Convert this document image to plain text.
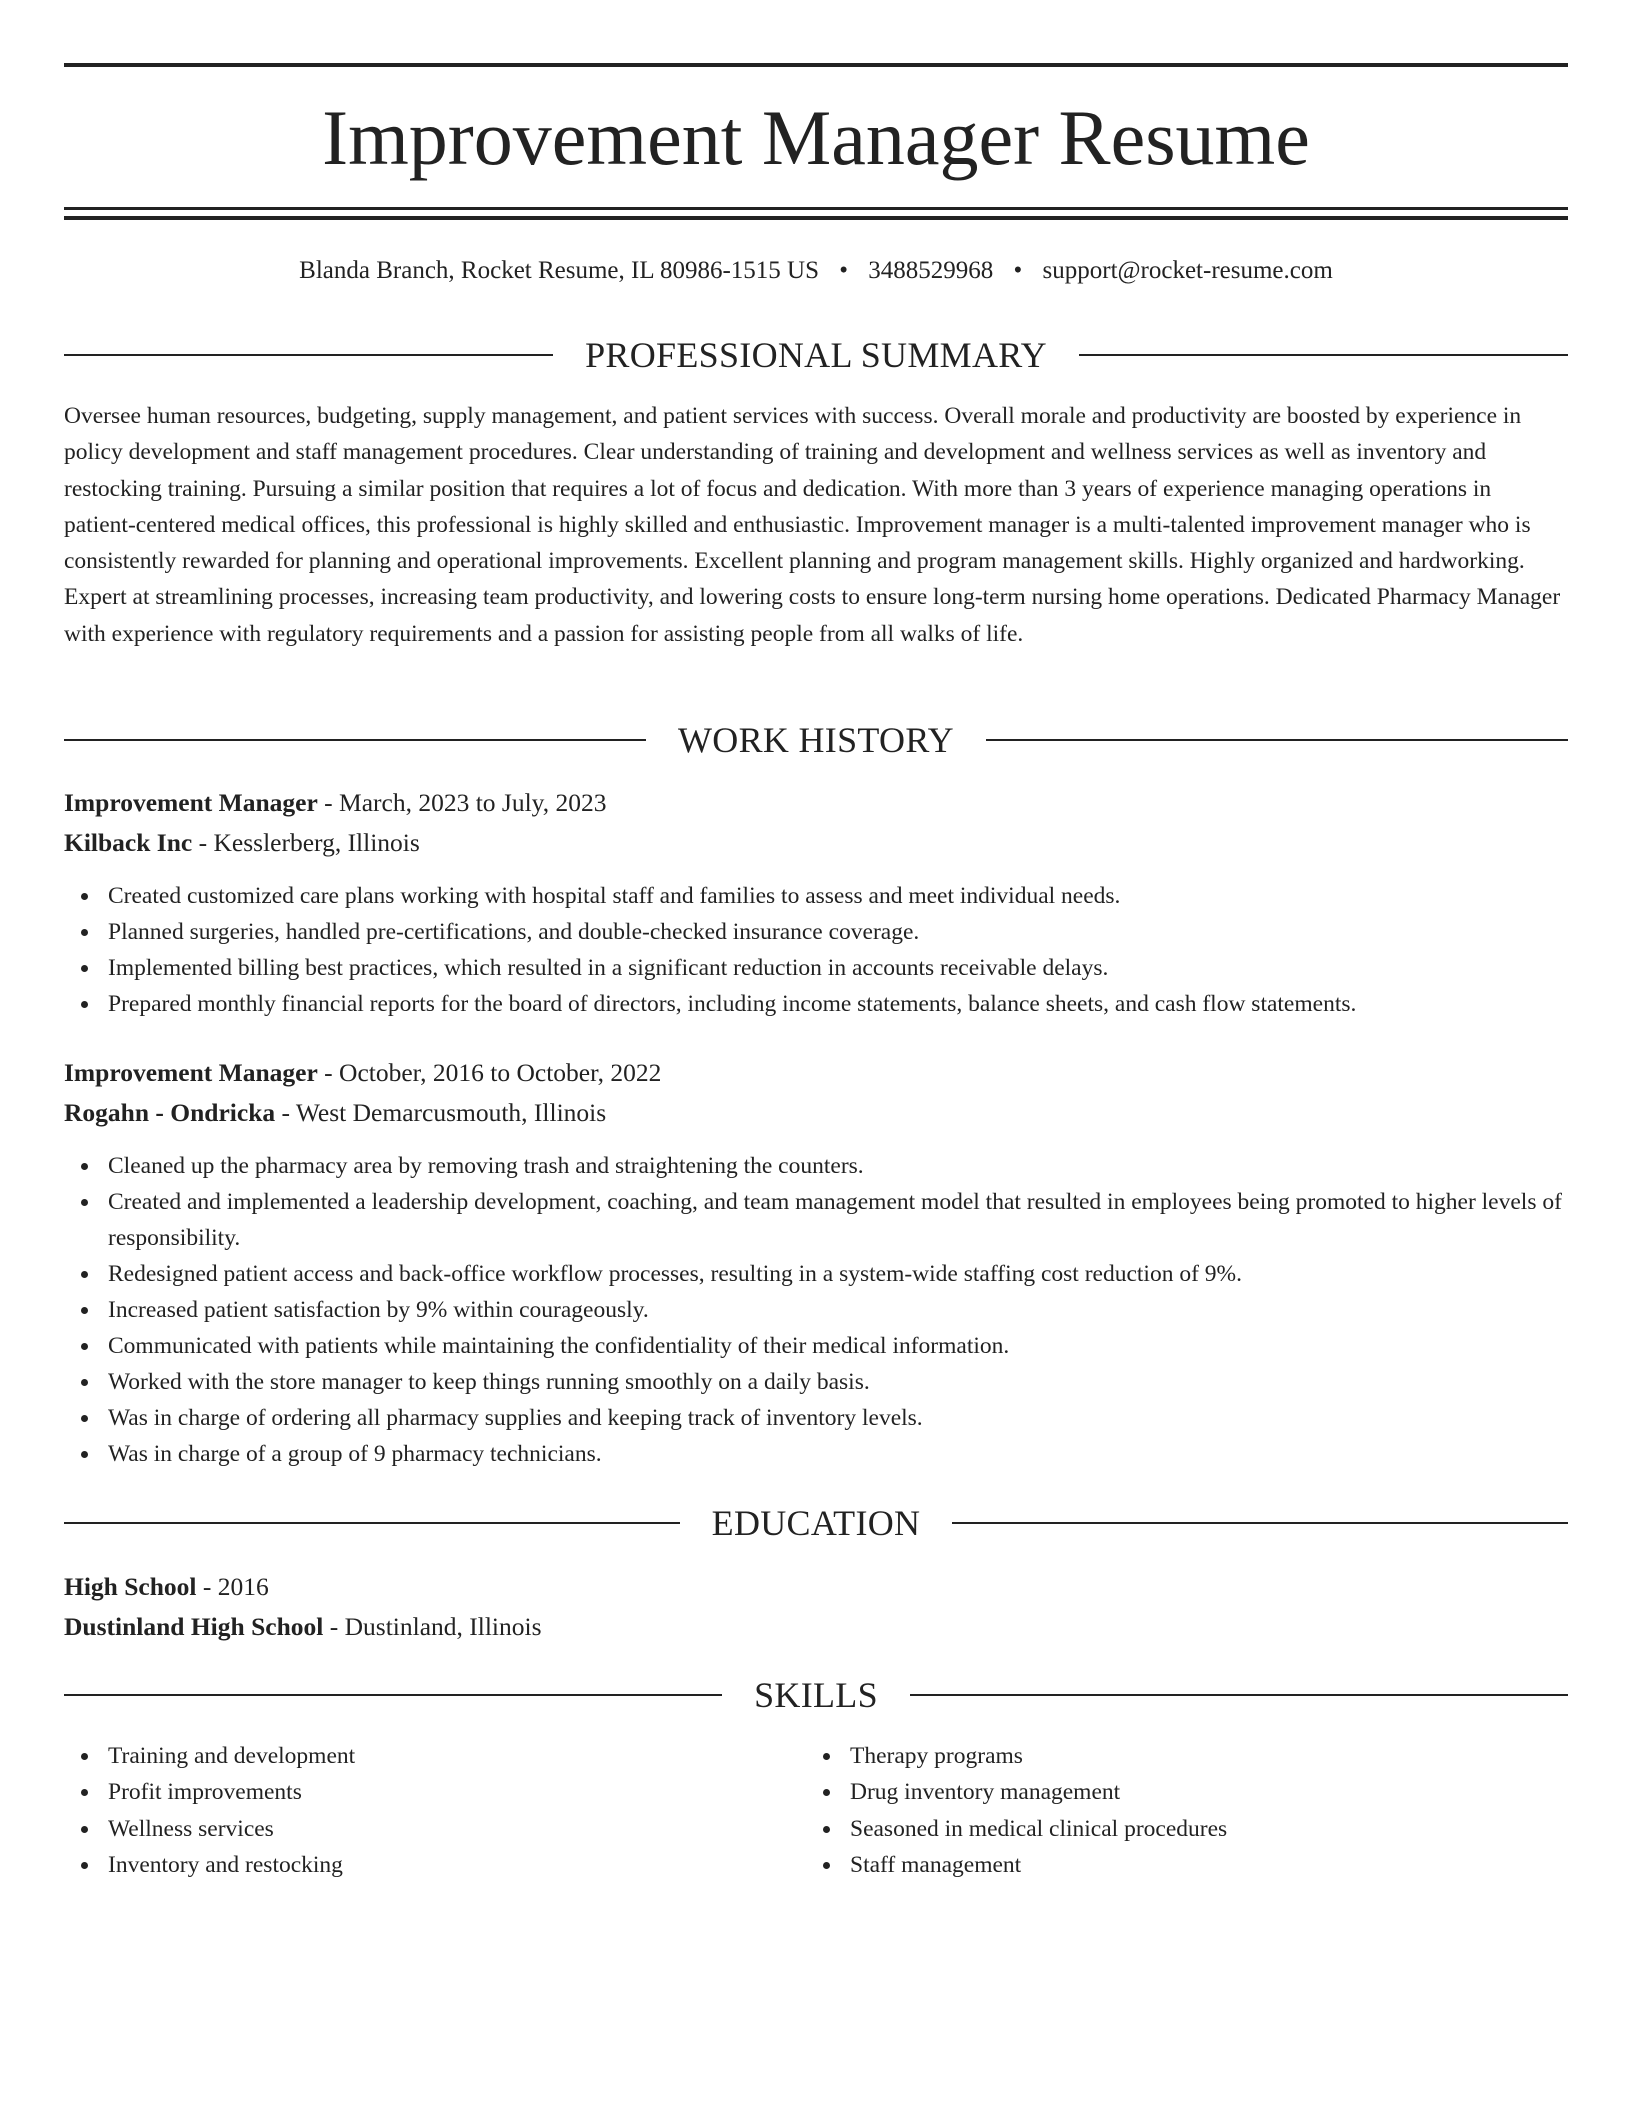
Improvement Manager Resume
Blanda Branch, Rocket Resume, IL 80986-1515 US • 3488529968 • support@rocket-resume.com
PROFESSIONAL SUMMARY

Oversee human resources, budgeting, supply management, and patient services with success. Overall morale and productivity are boosted by experience in policy development and staff management procedures. Clear understanding of training and development and wellness services as well as inventory and restocking training. Pursuing a similar position that requires a lot of focus and dedication. With more than 3 years of experience managing operations in patient-centered medical offices, this professional is highly skilled and enthusiastic. Improvement manager is a multi-talented improvement manager who is consistently rewarded for planning and operational improvements. Excellent planning and program management skills. Highly organized and hardworking. Expert at streamlining processes, increasing team productivity, and lowering costs to ensure long-term nursing home operations. Dedicated Pharmacy Manager with experience with regulatory requirements and a passion for assisting people from all walks of life.

WORK HISTORY
Improvement Manager - March, 2023 to July, 2023
Kilback Inc - Kesslerberg, Illinois
Created customized care plans working with hospital staff and families to assess and meet individual needs.
Planned surgeries, handled pre-certifications, and double-checked insurance coverage.
Implemented billing best practices, which resulted in a significant reduction in accounts receivable delays.
Prepared monthly financial reports for the board of directors, including income statements, balance sheets, and cash flow statements.
Improvement Manager - October, 2016 to October, 2022
Rogahn - Ondricka - West Demarcusmouth, Illinois
Cleaned up the pharmacy area by removing trash and straightening the counters.
Created and implemented a leadership development, coaching, and team management model that resulted in employees being promoted to higher levels of responsibility.
Redesigned patient access and back-office workflow processes, resulting in a system-wide staffing cost reduction of 9%.
Increased patient satisfaction by 9% within courageously.
Communicated with patients while maintaining the confidentiality of their medical information.
Worked with the store manager to keep things running smoothly on a daily basis.
Was in charge of ordering all pharmacy supplies and keeping track of inventory levels.
Was in charge of a group of 9 pharmacy technicians.
EDUCATION
High School - 2016
Dustinland High School - Dustinland, Illinois
SKILLS
Training and development
Profit improvements
Wellness services
Inventory and restocking
Therapy programs
Drug inventory management
Seasoned in medical clinical procedures
Staff management
